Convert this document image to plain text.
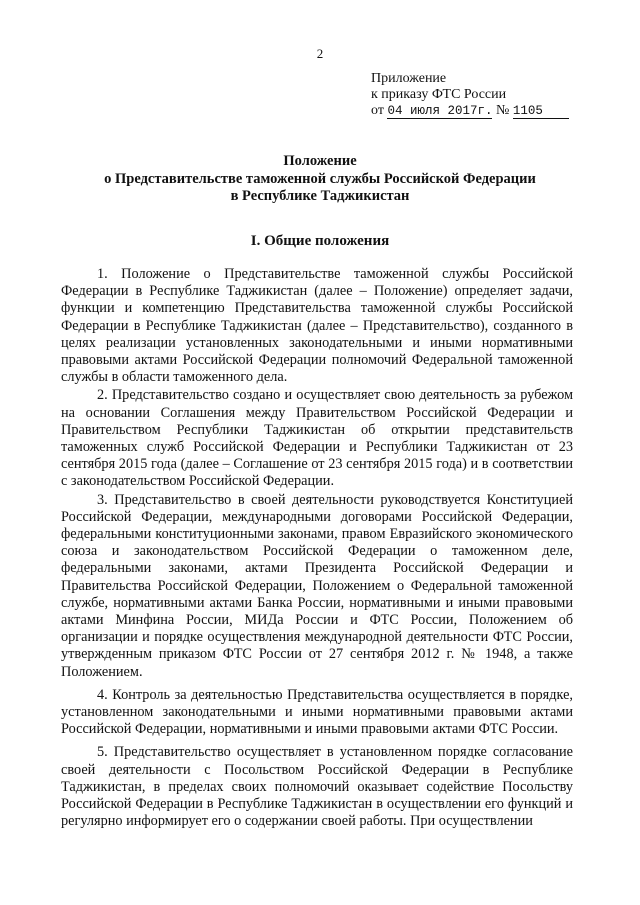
2
Приложение
к приказу ФТС России
от 04 июля 2017г. № 1105
Положение
о Представительстве таможенной службы Российской Федерации
в Республике Таджикистан
I. Общие положения

1. Положение о Представительстве таможенной службы Российской Федерации в Республике Таджикистан (далее – Положение) определяет задачи, функции и компетенцию Представительства таможенной службы Российской Федерации в Республике Таджикистан (далее – Представительство), созданного в целях реализации установленных законодательными и иными нормативными правовыми актами Российской Федерации полномочий Федеральной таможенной службы в области таможенного дела.

2. Представительство создано и осуществляет свою деятельность за рубежом на основании Соглашения между Правительством Российской Федерации и Правительством Республики Таджикистан об открытии представительств таможенных служб Российской Федерации и Республики Таджикистан от 23 сентября 2015 года (далее – Соглашение от 23 сентября 2015 года) и в соответствии с законодательством Российской Федерации.

3. Представительство в своей деятельности руководствуется Конституцией Российской Федерации, международными договорами Российской Федерации, федеральными конституционными законами, правом Евразийского экономического союза и законодательством Российской Федерации о таможенном деле, федеральными законами, актами Президента Российской Федерации и Правительства Российской Федерации, Положением о Федеральной таможенной службе, нормативными актами Банка России, нормативными и иными правовыми актами Минфина России, МИДа России и ФТС России, Положением об организации и порядке осуществления международной деятельности ФТС России, утвержденным приказом ФТС России от 27 сентября 2012 г. № 1948, а также Положением.

4. Контроль за деятельностью Представительства осуществляется в порядке, установленном законодательными и иными нормативными правовыми актами Российской Федерации, нормативными и иными правовыми актами ФТС России.

5. Представительство осуществляет в установленном порядке согласование своей деятельности с Посольством Российской Федерации в Республике Таджикистан, в пределах своих полномочий оказывает содействие Посольству Российской Федерации в Республике Таджикистан в осуществлении его функций и регулярно информирует его о содержании своей работы. При осуществлении
